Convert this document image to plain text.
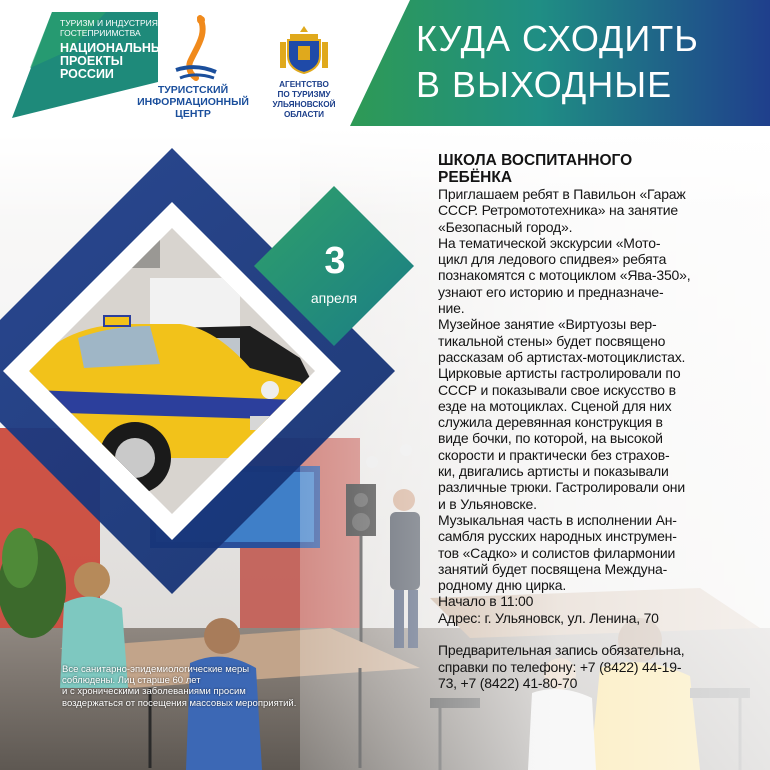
ТУРИЗМ И ИНДУСТРИЯ
ГОСТЕПРИИМСТВА
НАЦИОНАЛЬНЫЕ
ПРОЕКТЫ
РОССИИ
ТУРИСТСКИЙ
ИНФОРМАЦИОННЫЙ
ЦЕНТР
АГЕНТСТВО
ПО ТУРИЗМУ
УЛЬЯНОВСКОЙ
ОБЛАСТИ
КУДА СХОДИТЬ
В ВЫХОДНЫЕ
3
апреля
ШКОЛА ВОСПИТАННОГО
РЕБЁНКА
Приглашаем ребят в Павильон «Гараж
СССР. Ретромототехника» на занятие
«Безопасный город».
На тематической экскурсии «Мото-
цикл для ледового спидвея» ребята
познакомятся с мотоциклом «Ява-350»,
узнают его историю и предназначе-
ние.
Музейное занятие «Виртуозы вер-
тикальной стены» будет посвящено
рассказам об артистах-мотоциклистах.
Цирковые артисты гастролировали по
СССР и показывали свое искусство в
езде на мотоциклах. Сценой для них
служила деревянная конструкция в
виде бочки, по которой, на высокой
скорости и практически без страхов-
ки, двигались артисты и показывали
различные трюки. Гастролировали они
и в Ульяновске.
Музыкальная часть в исполнении Ан-
самбля русских народных инструмен-
тов «Садко» и солистов филармонии
занятий будет посвящена Междуна-
родному дню цирка.
Начало в 11:00
Адрес: г. Ульяновск, ул. Ленина, 70

Предварительная запись обязательна,
справки по телефону: +7 (8422) 44-19-
73, +7 (8422) 41-80-70
Все санитарно-эпидемиологические меры
соблюдены. Лиц старше 60 лет
и с хроническими заболеваниями просим
воздержаться от посещения массовых мероприятий.
